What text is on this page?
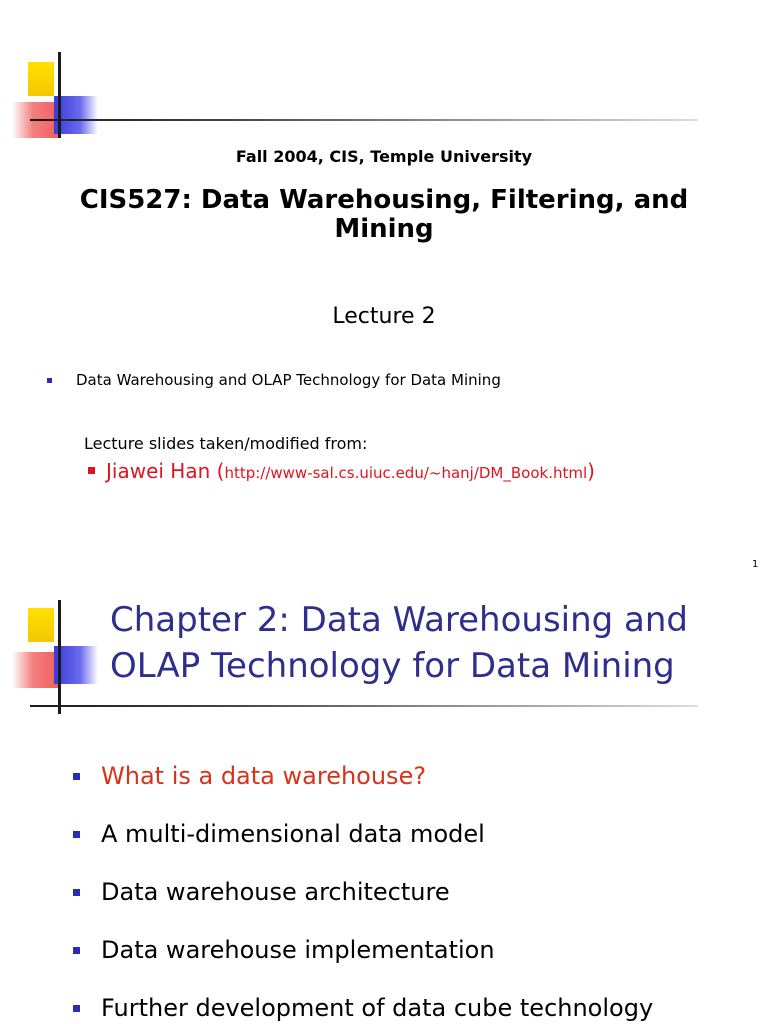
Fall 2004, CIS, Temple University
CIS527: Data Warehousing, Filtering, and Mining
Lecture 2
Data Warehousing and OLAP Technology for Data Mining
Lecture slides taken/modified from:
Jiawei Han (http://www-sal.cs.uiuc.edu/~hanj/DM_Book.html)
1
Chapter 2: Data Warehousing and OLAP Technology for Data Mining
What is a data warehouse?
A multi-dimensional data model
Data warehouse architecture
Data warehouse implementation
Further development of data cube technology
